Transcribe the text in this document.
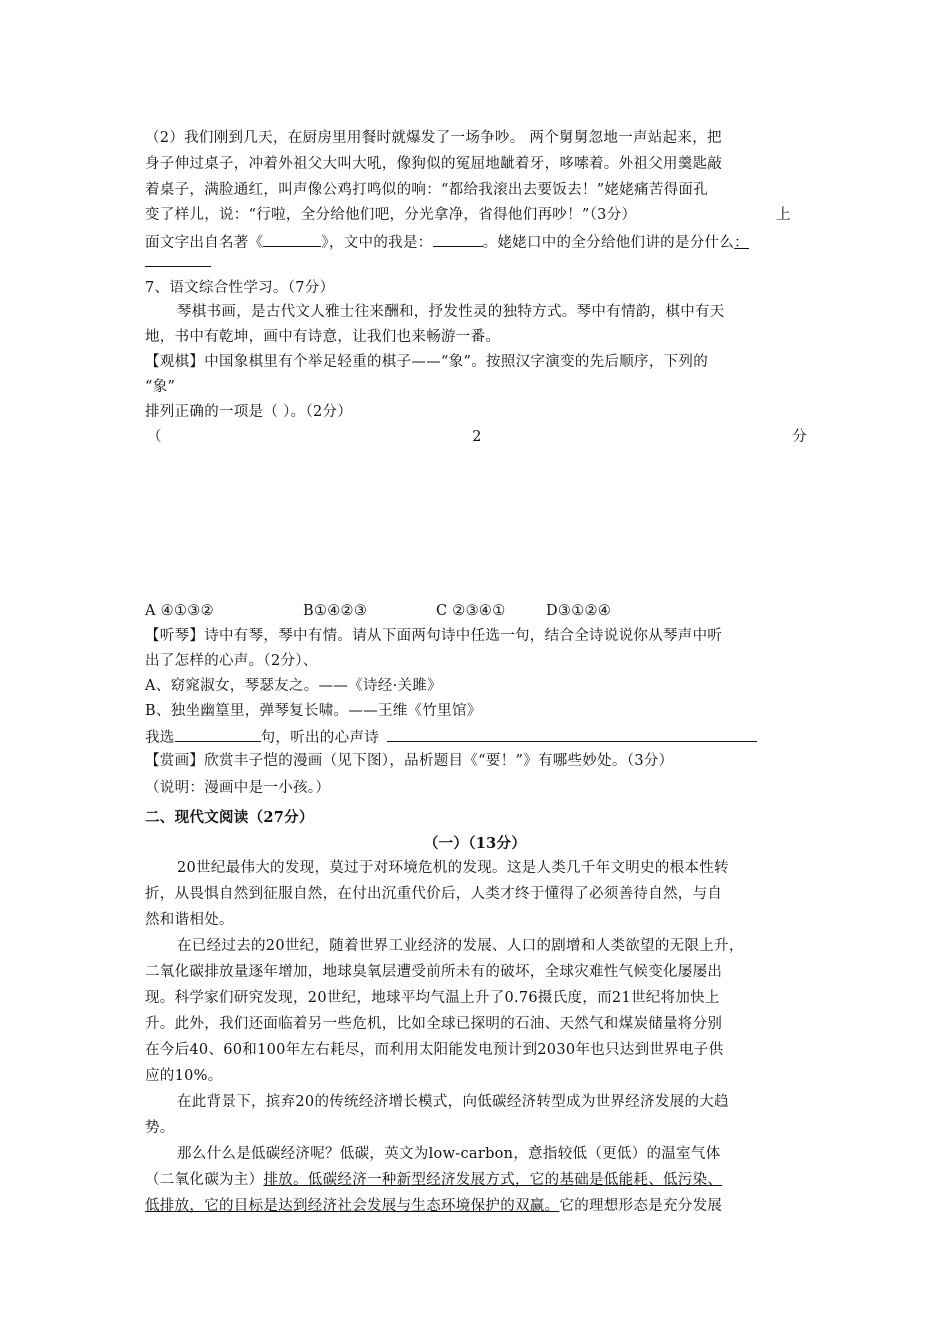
（2）我们刚到几天，在厨房里用餐时就爆发了一场争吵。 两个舅舅忽地一声站起来，把
身子伸过桌子，冲着外祖父大叫大吼，像狗似的冤屈地龇着牙，哆嗦着。外祖父用羹匙敲
着桌子，满脸通红，叫声像公鸡打鸣似的响：“都给我滚出去要饭去！”姥姥痛苦得面孔
变了样儿，说：“行啦，全分给他们吧，分光拿净，省得他们再吵！”（3分）	上
面文字出自名著《	》，文中的我是：	。姥姥口中的全分给他们讲的是分什么：
7、语文综合性学习。（7分）
琴棋书画，是古代文人雅士往来酬和，抒发性灵的独特方式。琴中有情韵，棋中有天
地，书中有乾坤，画中有诗意，让我们也来畅游一番。
【观棋】中国象棋里有个举足轻重的棋子——“象”。按照汉字演变的先后顺序，下列的
“象”
排列正确的一项是（ ）。（2分）
（	2	分
A ④①③②	B①④②③	C ②③④①	D③①②④
【听琴】诗中有琴，琴中有情。请从下面两句诗中任选一句，结合全诗说说你从琴声中听
出了怎样的心声。（2分）、
A、窈窕淑女，琴瑟友之。——《诗经·关雎》
B、独坐幽篁里，弹琴复长啸。——王维《竹里馆》
我选	句，听出的心声诗
【赏画】欣赏丰子恺的漫画（见下图），品析题目《“要！”》有哪些妙处。（3分）
（说明：漫画中是一小孩。）
二、现代文阅读（27分）
（一）（13分）
20世纪最伟大的发现，莫过于对环境危机的发现。这是人类几千年文明史的根本性转
折，从畏惧自然到征服自然，在付出沉重代价后，人类才终于懂得了必须善待自然，与自
然和谐相处。
在已经过去的20世纪，随着世界工业经济的发展、人口的剧增和人类欲望的无限上升，
二氧化碳排放量逐年增加，地球臭氧层遭受前所未有的破坏，全球灾难性气候变化屡屡出
现。科学家们研究发现，20世纪，地球平均气温上升了0.76摄氏度，而21世纪将加快上
升。此外，我们还面临着另一些危机，比如全球已探明的石油、天然气和煤炭储量将分别
在今后40、60和100年左右耗尽，而利用太阳能发电预计到2030年也只达到世界电子供
应的10%。
在此背景下，摈弃20的传统经济增长模式，向低碳经济转型成为世界经济发展的大趋
势。
那么什么是低碳经济呢？低碳，英文为low-carbon，意指较低（更低）的温室气体
（二氧化碳为主）排放。低碳经济一种新型经济发展方式，它的基础是低能耗、低污染、
低排放，它的目标是达到经济社会发展与生态环境保护的双赢。它的理想形态是充分发展
